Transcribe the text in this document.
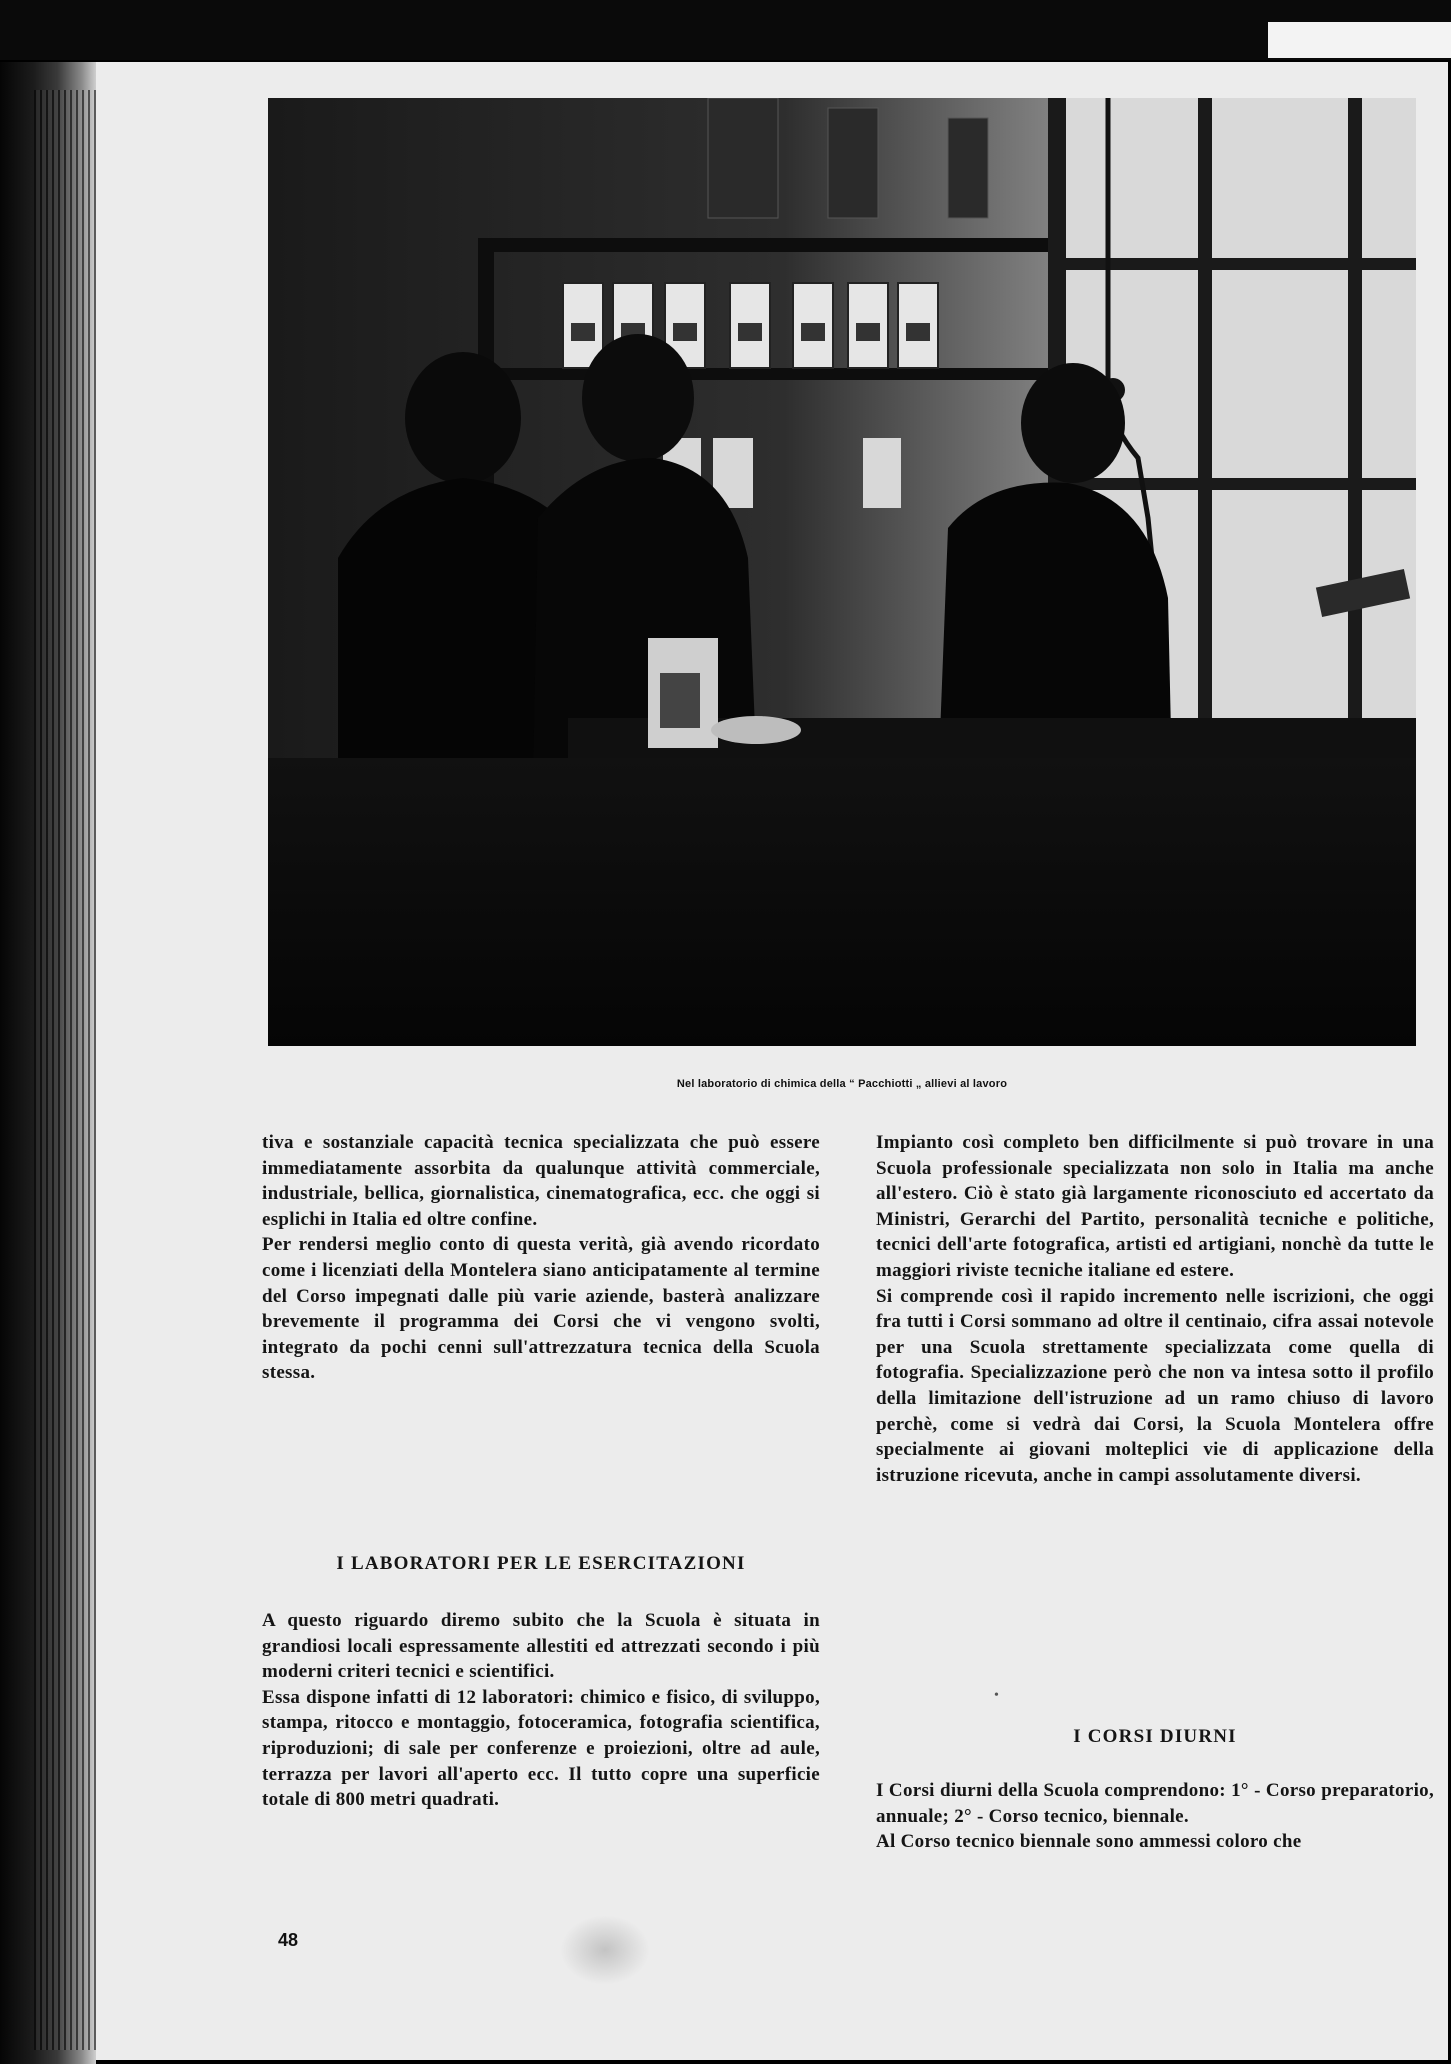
Nel laboratorio di chimica della “ Pacchiotti „ allievi al lavoro

tiva e sostanziale capacità tecnica specializzata che può essere immediatamente assorbita da qualunque attività commerciale, industriale, bellica, giornalistica, cinematografica, ecc. che oggi si esplichi in Italia ed oltre confine.

Per rendersi meglio conto di questa verità, già avendo ricordato come i licenziati della Montelera siano anticipatamente al termine del Corso impegnati dalle più varie aziende, basterà analizzare brevemente il programma dei Corsi che vi vengono svolti, integrato da pochi cenni sull'attrezzatura tecnica della Scuola stessa.

I LABORATORI PER LE ESERCITAZIONI

A questo riguardo diremo subito che la Scuola è situata in grandiosi locali espressamente allestiti ed attrezzati secondo i più moderni criteri tecnici e scientifici.

Essa dispone infatti di 12 laboratori: chimico e fisico, di sviluppo, stampa, ritocco e montaggio, fotoceramica, fotografia scientifica, riproduzioni; di sale per conferenze e proiezioni, oltre ad aule, terrazza per lavori all'aperto ecc. Il tutto copre una superficie totale di 800 metri quadrati.

Impianto così completo ben difficilmente si può trovare in una Scuola professionale specializzata non solo in Italia ma anche all'estero. Ciò è stato già largamente riconosciuto ed accertato da Ministri, Gerarchi del Partito, personalità tecniche e politiche, tecnici dell'arte fotografica, artisti ed artigiani, nonchè da tutte le maggiori riviste tecniche italiane ed estere.

Si comprende così il rapido incremento nelle iscrizioni, che oggi fra tutti i Corsi sommano ad oltre il centinaio, cifra assai notevole per una Scuola strettamente specializzata come quella di fotografia. Specializzazione però che non va intesa sotto il profilo della limitazione dell'istruzione ad un ramo chiuso di lavoro perchè, come si vedrà dai Corsi, la Scuola Montelera offre specialmente ai giovani molteplici vie di applicazione della istruzione ricevuta, anche in campi assolutamente diversi.

•
I CORSI DIURNI

I Corsi diurni della Scuola comprendono: 1° - Corso preparatorio, annuale; 2° - Corso tecnico, biennale.

Al Corso tecnico biennale sono ammessi coloro che

48
